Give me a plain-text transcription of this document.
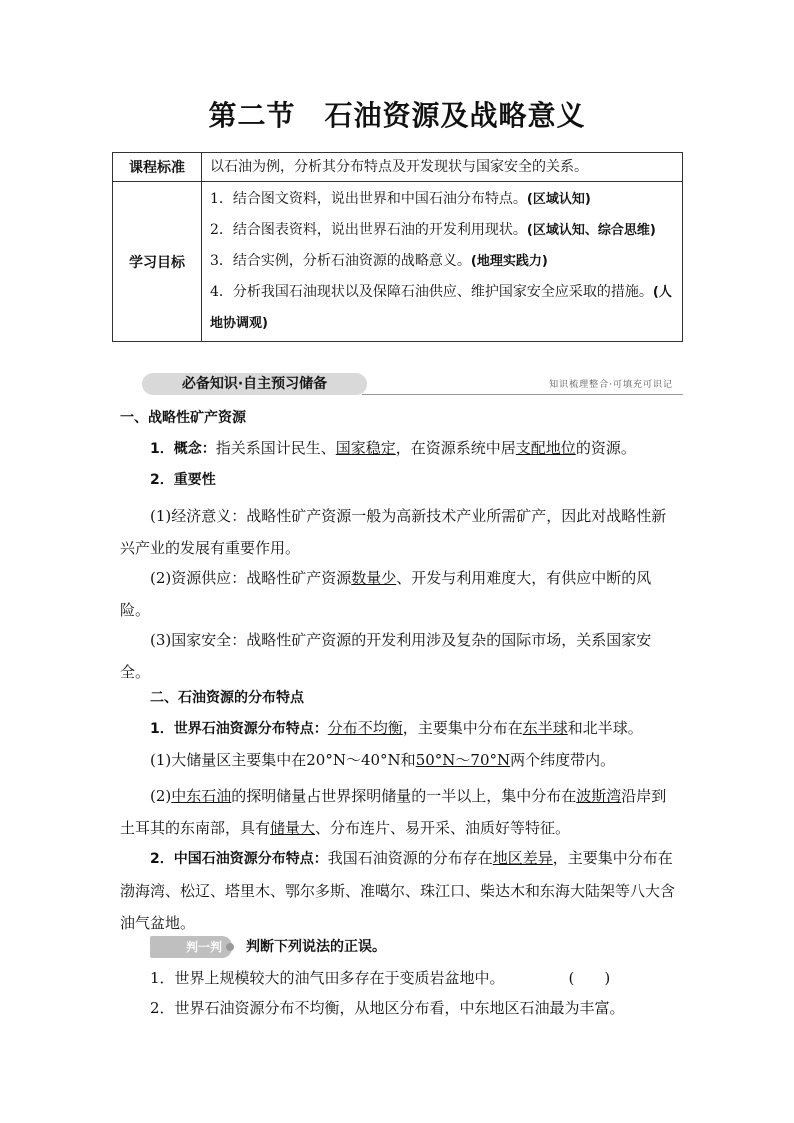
第二节　石油资源及战略意义
课程标准	以石油为例，分析其分布特点及开发现状与国家安全的关系。
学习目标	1．结合图文资料，说出世界和中国石油分布特点。(区域认知)
2．结合图表资料，说出世界石油的开发利用现状。(区域认知、综合思维)
3．结合实例，分析石油资源的战略意义。(地理实践力)
4．分析我国石油现状以及保障石油供应、维护国家安全应采取的措施。(人地协调观)
必备知识·自主预习储备	知识梳理整合·可填充可识记
一、战略性矿产资源
1．概念：指关系国计民生、国家稳定，在资源系统中居支配地位的资源。
2．重要性
(1)经济意义：战略性矿产资源一般为高新技术产业所需矿产，因此对战略性新兴产业的发展有重要作用。
(2)资源供应：战略性矿产资源数量少、开发与利用难度大，有供应中断的风险。
(3)国家安全：战略性矿产资源的开发利用涉及复杂的国际市场，关系国家安全。
二、石油资源的分布特点
1．世界石油资源分布特点：分布不均衡，主要集中分布在东半球和北半球。
(1)大储量区主要集中在20°N～40°N和50°N～70°N两个纬度带内。
(2)中东石油的探明储量占世界探明储量的一半以上，集中分布在波斯湾沿岸到土耳其的东南部，具有储量大、分布连片、易开采、油质好等特征。
2．中国石油资源分布特点：我国石油资源的分布存在地区差异，主要集中分布在渤海湾、松辽、塔里木、鄂尔多斯、准噶尔、珠江口、柴达木和东海大陆架等八大含油气盆地。
判一判 判断下列说法的正误。
1．世界上规模较大的油气田多存在于变质岩盆地中。	(　　)
2．世界石油资源分布不均衡，从地区分布看，中东地区石油最为丰富。
